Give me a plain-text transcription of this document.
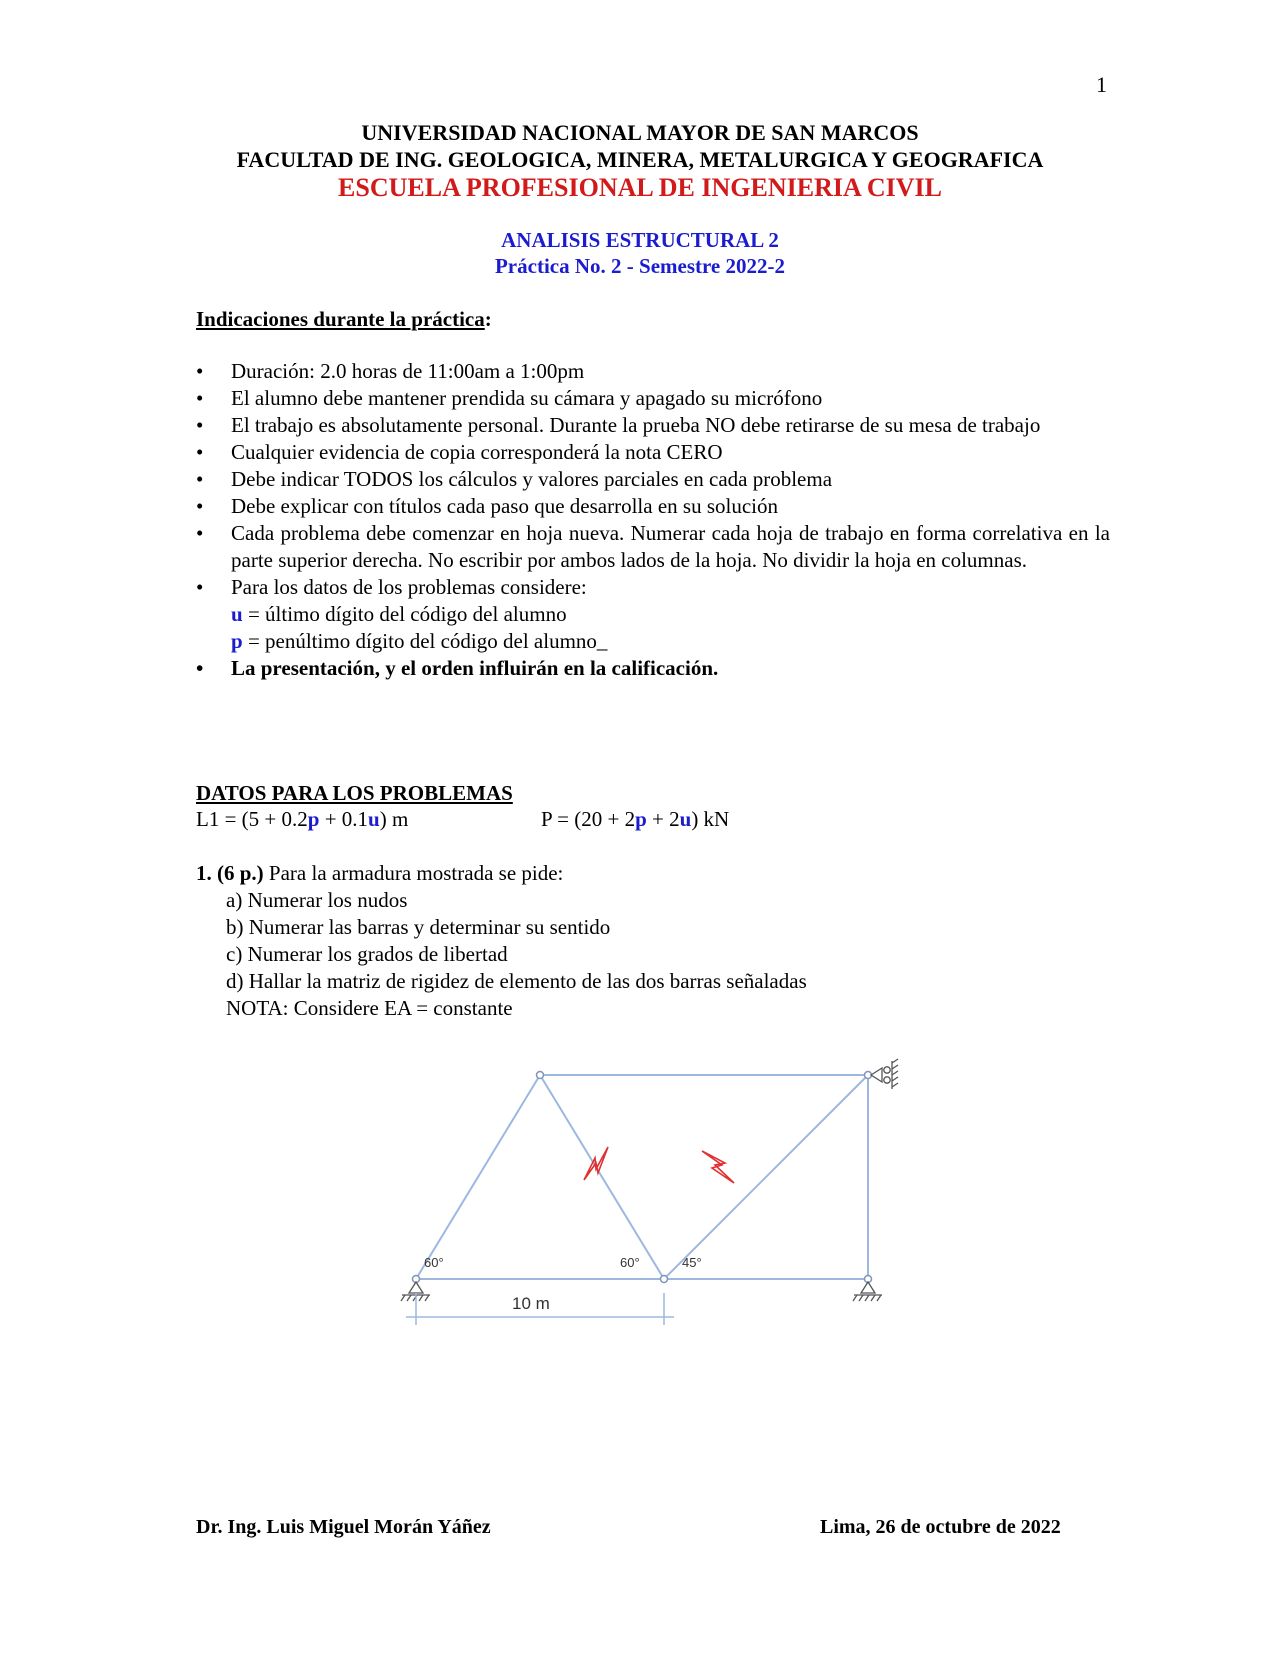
1
UNIVERSIDAD NACIONAL MAYOR DE SAN MARCOS
FACULTAD DE ING. GEOLOGICA, MINERA, METALURGICA Y GEOGRAFICA
ESCUELA PROFESIONAL DE INGENIERIA CIVIL
ANALISIS ESTRUCTURAL 2
Práctica No. 2 - Semestre 2022-2
Indicaciones durante la práctica:
• Duración: 2.0 horas de 11:00am a 1:00pm
• El alumno debe mantener prendida su cámara y apagado su micrófono
• El trabajo es absolutamente personal. Durante la prueba NO debe retirarse de su mesa de trabajo
• Cualquier evidencia de copia corresponderá la nota CERO
• Debe indicar TODOS los cálculos y valores parciales en cada problema
• Debe explicar con títulos cada paso que desarrolla en su solución
• Cada problema debe comenzar en hoja nueva. Numerar cada hoja de trabajo en forma correlativa en la parte superior derecha. No escribir por ambos lados de la hoja. No dividir la hoja en columnas.
• Para los datos de los problemas considere:
u = último dígito del código del alumno
p = penúltimo dígito del código del alumno_
• La presentación, y el orden influirán en la calificación.
DATOS PARA LOS PROBLEMAS
L1 = (5 + 0.2p + 0.1u) m	P = (20 + 2p + 2u) kN
1. (6 p.) Para la armadura mostrada se pide:
a) Numerar los nudos
b) Numerar las barras y determinar su sentido
c) Numerar los grados de libertad
d) Hallar la matriz de rigidez de elemento de las dos barras señaladas
NOTA: Considere EA = constante
60°	60°	45°
10 m
Dr. Ing. Luis Miguel Morán Yáñez	Lima, 26 de octubre de 2022
